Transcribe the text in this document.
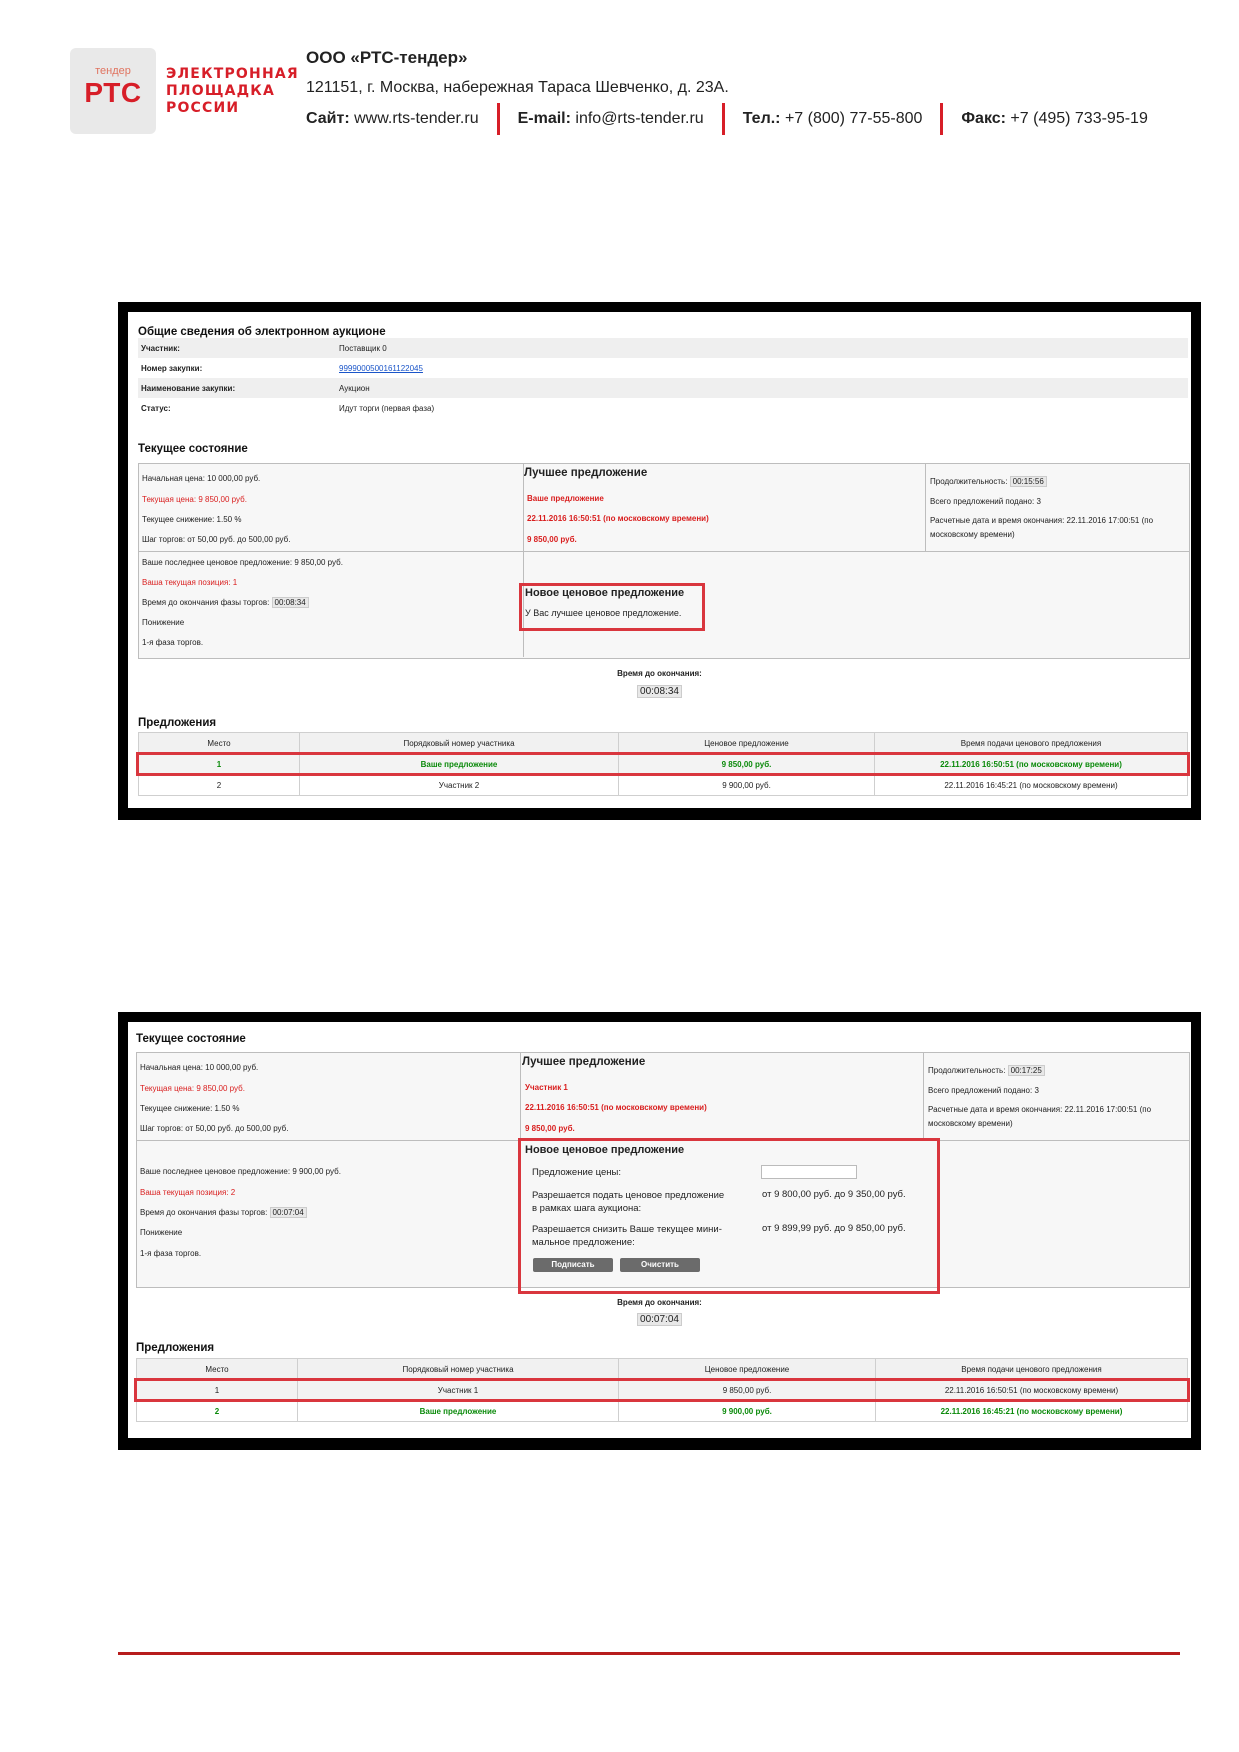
тендер
РТС
ЭЛЕКТРОННАЯ
ПЛОЩАДКА
РОССИИ
ООО «РТС-тендер»
121151, г. Москва, набережная Тараса Шевченко, д. 23А.
Сайт:
www.rts-tender.ru E-mail:
info@rts-tender.ru Тел.:
+7 (800) 77-55-800 Факс:
+7 (495) 733-95-19
Общие сведения об электронном аукционе
Участник:	Поставщик 0
Номер закупки:	9999000500161122045
Наименование закупки:	Аукцион
Статус:	Идут торги (первая фаза)
Текущее состояние
Начальная цена: 10 000,00 руб.
Текущая цена: 9 850,00 руб.
Текущее снижение: 1.50 %
Шаг торгов: от 50,00 руб. до 500,00 руб.
Лучшее предложение
Ваше предложение
22.11.2016 16:50:51 (по московскому времени)
9 850,00 руб.
Продолжительность: 00:15:56
Всего предложений подано: 3
Расчетные дата и время окончания: 22.11.2016 17:00:51 (по
московскому времени)
Ваше последнее ценовое предложение: 9 850,00 руб.
Ваша текущая позиция: 1
Время до окончания фазы торгов: 00:08:34
Понижение
1-я фаза торгов.
Новое ценовое предложение
У Вас лучшее ценовое предложение.
Время до окончания:
00:08:34
Предложения
Место	Порядковый номер участника	Ценовое предложение	Время подачи ценового предложения
1	Ваше предложение	9 850,00 руб.	22.11.2016 16:50:51 (по московскому времени)
2	Участник 2	9 900,00 руб.	22.11.2016 16:45:21 (по московскому времени)
Текущее состояние
Начальная цена: 10 000,00 руб.
Текущая цена: 9 850,00 руб.
Текущее снижение: 1.50 %
Шаг торгов: от 50,00 руб. до 500,00 руб.
Лучшее предложение
Участник 1
22.11.2016 16:50:51 (по московскому времени)
9 850,00 руб.
Продолжительность: 00:17:25
Всего предложений подано: 3
Расчетные дата и время окончания: 22.11.2016 17:00:51 (по
московскому времени)
Ваше последнее ценовое предложение: 9 900,00 руб.
Ваша текущая позиция: 2
Время до окончания фазы торгов: 00:07:04
Понижение
1-я фаза торгов.
Новое ценовое предложение
Предложение цены:
Разрешается подать ценовое предложение
в рамках шага аукциона:
от 9 800,00 руб. до 9 350,00 руб.
Разрешается снизить Ваше текущее мини-
мальное предложение:
от 9 899,99 руб. до 9 850,00 руб.
Подписать	Очистить
Время до окончания:
00:07:04
Предложения
Место	Порядковый номер участника	Ценовое предложение	Время подачи ценового предложения
1	Участник 1	9 850,00 руб.	22.11.2016 16:50:51 (по московскому времени)
2	Ваше предложение	9 900,00 руб.	22.11.2016 16:45:21 (по московскому времени)
